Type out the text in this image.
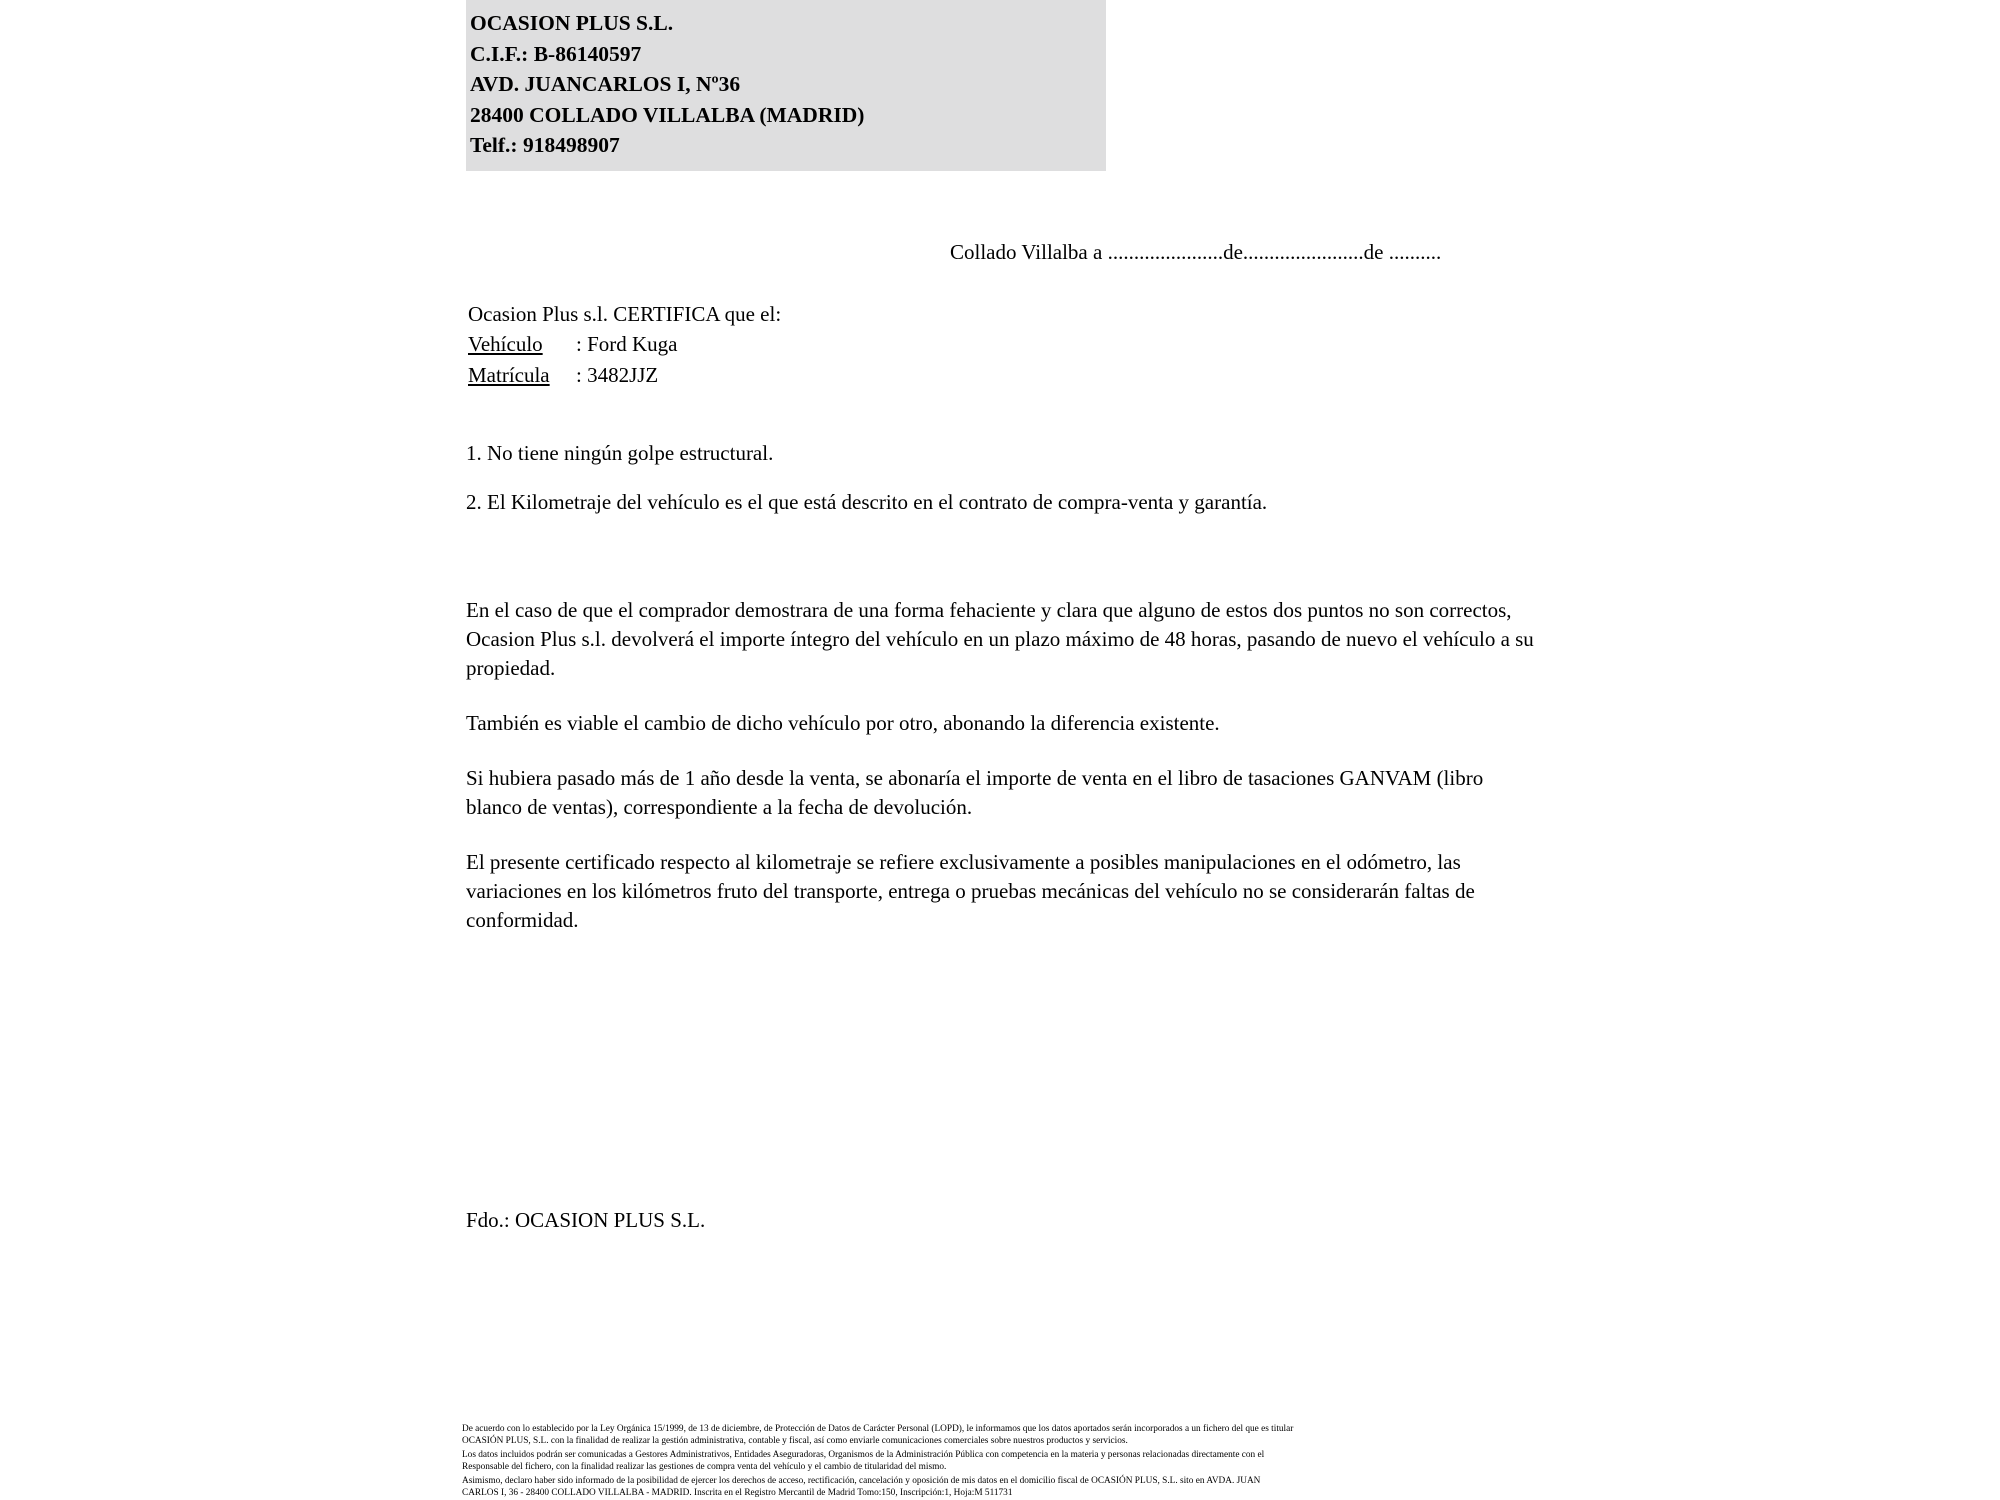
OCASION PLUS S.L.
C.I.F.: B-86140597
AVD. JUANCARLOS I, Nº36
28400 COLLADO VILLALBA (MADRID)
Telf.: 918498907
Collado Villalba a ......................de.......................de ..........

Ocasion Plus s.l. CERTIFICA que el:

Vehículo : Ford Kuga

Matrícula : 3482JJZ

1. No tiene ningún golpe estructural.

2. El Kilometraje del vehículo es el que está descrito en el contrato de compra-venta y garantía.

En el caso de que el comprador demostrara de una forma fehaciente y clara que alguno de estos dos puntos no son correctos, Ocasion Plus s.l. devolverá el importe íntegro del vehículo en un plazo máximo de 48 horas, pasando de nuevo el vehículo a su propiedad.

También es viable el cambio de dicho vehículo por otro, abonando la diferencia existente.

Si hubiera pasado más de 1 año desde la venta, se abonaría el importe de venta en el libro de tasaciones GANVAM (libro blanco de ventas), correspondiente a la fecha de devolución.

El presente certificado respecto al kilometraje se refiere exclusivamente a posibles manipulaciones en el odómetro, las variaciones en los kilómetros fruto del transporte, entrega o pruebas mecánicas del vehículo no se considerarán faltas de conformidad.

Fdo.: OCASION PLUS S.L.

De acuerdo con lo establecido por la Ley Orgánica 15/1999, de 13 de diciembre, de Protección de Datos de Carácter Personal (LOPD), le informamos que los datos aportados serán incorporados a un fichero del que es titular

OCASIÓN PLUS, S.L. con la finalidad de realizar la gestión administrativa, contable y fiscal, así como enviarle comunicaciones comerciales sobre nuestros productos y servicios.

Los datos incluidos podrán ser comunicadas a Gestores Administrativos, Entidades Aseguradoras, Organismos de la Administración Pública con competencia en la materia y personas relacionadas directamente con el

Responsable del fichero, con la finalidad realizar las gestiones de compra venta del vehículo y el cambio de titularidad del mismo.

Asimismo, declaro haber sido informado de la posibilidad de ejercer los derechos de acceso, rectificación, cancelación y oposición de mis datos en el domicilio fiscal de OCASIÓN PLUS, S.L. sito en AVDA. JUAN

CARLOS I, 36 - 28400 COLLADO VILLALBA - MADRID. Inscrita en el Registro Mercantil de Madrid Tomo:150, Inscripción:1, Hoja:M 511731
